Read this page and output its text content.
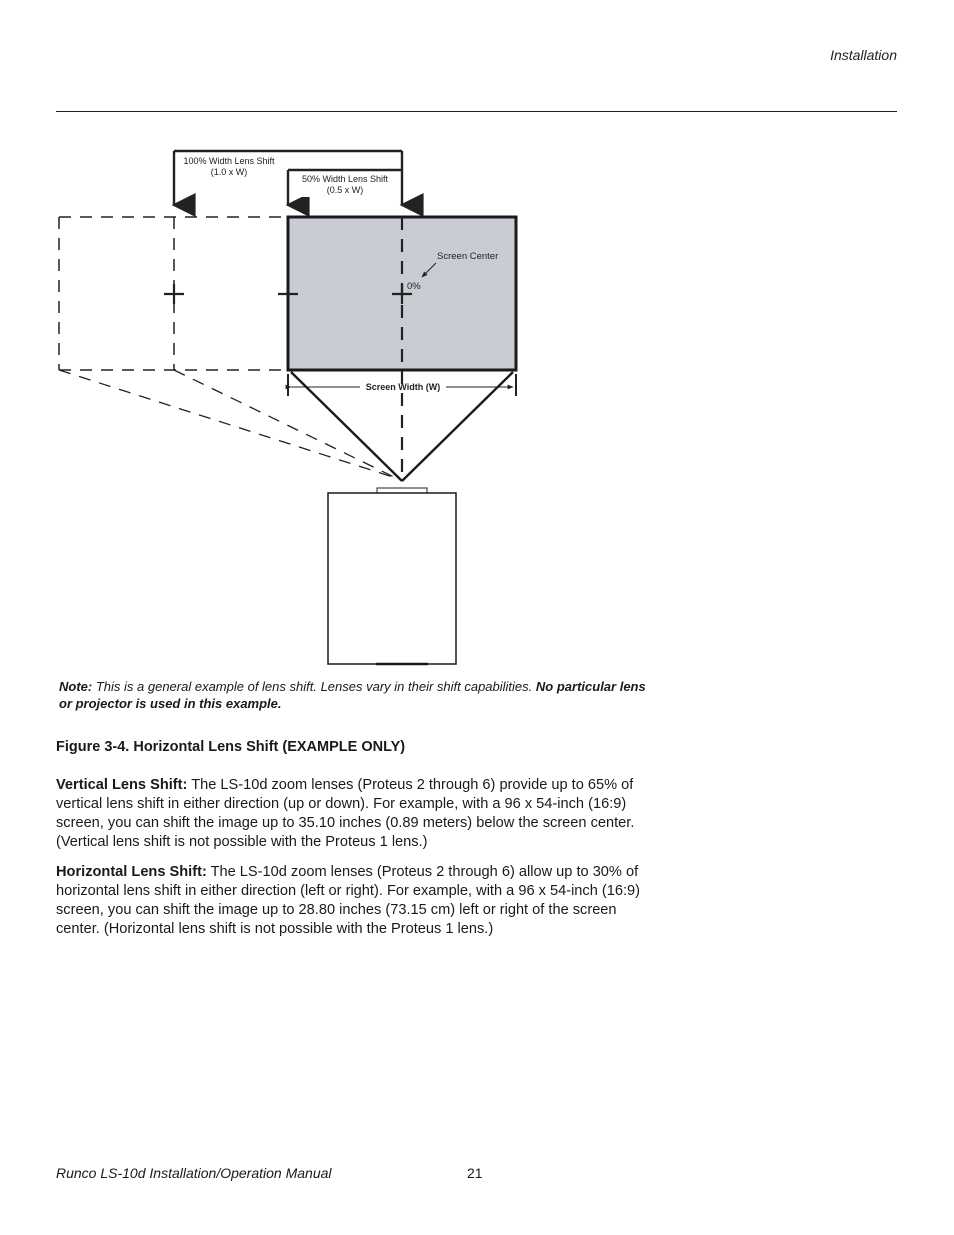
Installation
100% Width Lens Shift
(1.0 x W)
50% Width Lens Shift
(0.5 x W)
Screen Center
0%
Screen Width (W)
Note: This is a general example of lens shift. Lenses vary in their shift capabilities. No particular lens or projector is used in this example.
Figure 3-4. Horizontal Lens Shift (EXAMPLE ONLY)

Vertical Lens Shift: The LS-10d zoom lenses (Proteus 2 through 6) provide up to 65% of vertical lens shift in either direction (up or down). For example, with a 96 x 54-inch (16:9) screen, you can shift the image up to 35.10 inches (0.89 meters) below the screen center. (Vertical lens shift is not possible with the Proteus 1 lens.)

Horizontal Lens Shift: The LS-10d zoom lenses (Proteus 2 through 6) allow up to 30% of horizontal lens shift in either direction (left or right). For example, with a 96 x 54-inch (16:9) screen, you can shift the image up to 28.80 inches (73.15 cm) left or right of the screen center. (Horizontal lens shift is not possible with the Proteus 1 lens.)

Runco LS-10d Installation/Operation Manual	21
